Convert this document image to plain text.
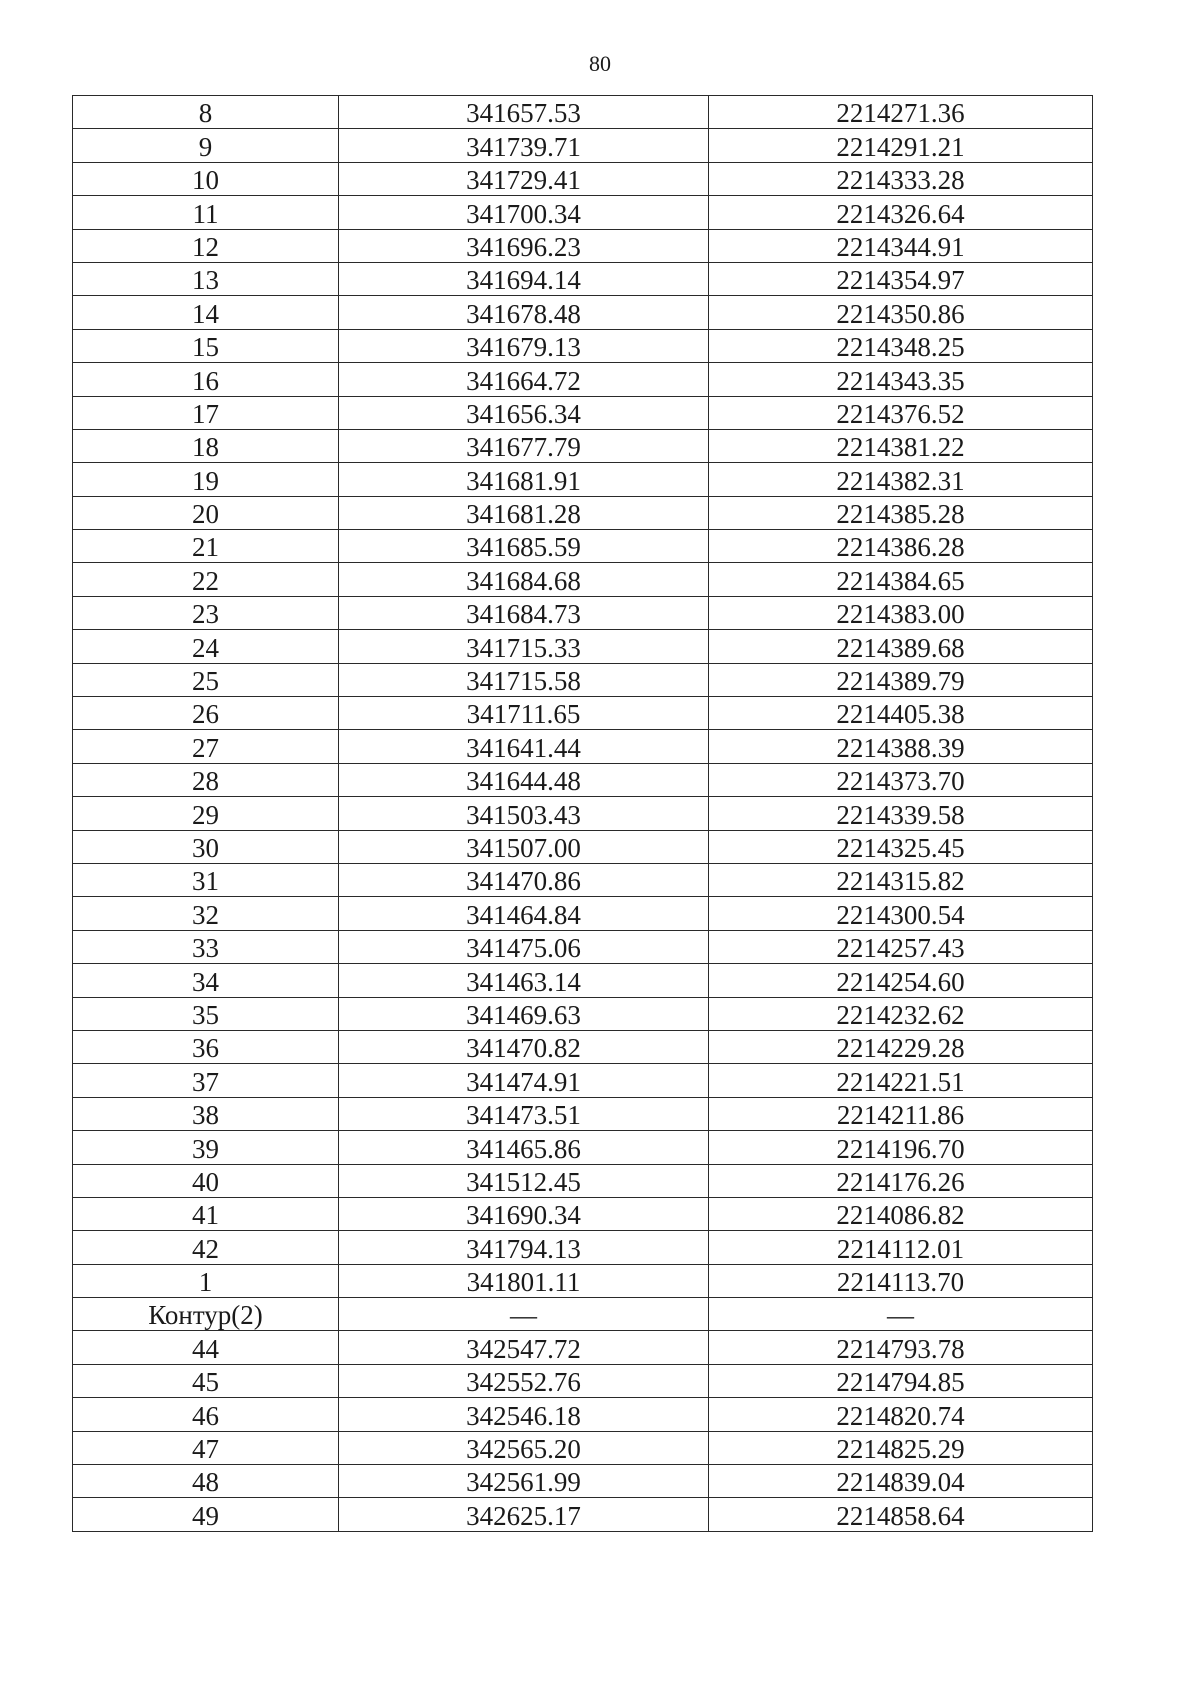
80
8	341657.53	2214271.36
9	341739.71	2214291.21
10	341729.41	2214333.28
11	341700.34	2214326.64
12	341696.23	2214344.91
13	341694.14	2214354.97
14	341678.48	2214350.86
15	341679.13	2214348.25
16	341664.72	2214343.35
17	341656.34	2214376.52
18	341677.79	2214381.22
19	341681.91	2214382.31
20	341681.28	2214385.28
21	341685.59	2214386.28
22	341684.68	2214384.65
23	341684.73	2214383.00
24	341715.33	2214389.68
25	341715.58	2214389.79
26	341711.65	2214405.38
27	341641.44	2214388.39
28	341644.48	2214373.70
29	341503.43	2214339.58
30	341507.00	2214325.45
31	341470.86	2214315.82
32	341464.84	2214300.54
33	341475.06	2214257.43
34	341463.14	2214254.60
35	341469.63	2214232.62
36	341470.82	2214229.28
37	341474.91	2214221.51
38	341473.51	2214211.86
39	341465.86	2214196.70
40	341512.45	2214176.26
41	341690.34	2214086.82
42	341794.13	2214112.01
1	341801.11	2214113.70
Контур(2)	—	—
44	342547.72	2214793.78
45	342552.76	2214794.85
46	342546.18	2214820.74
47	342565.20	2214825.29
48	342561.99	2214839.04
49	342625.17	2214858.64
